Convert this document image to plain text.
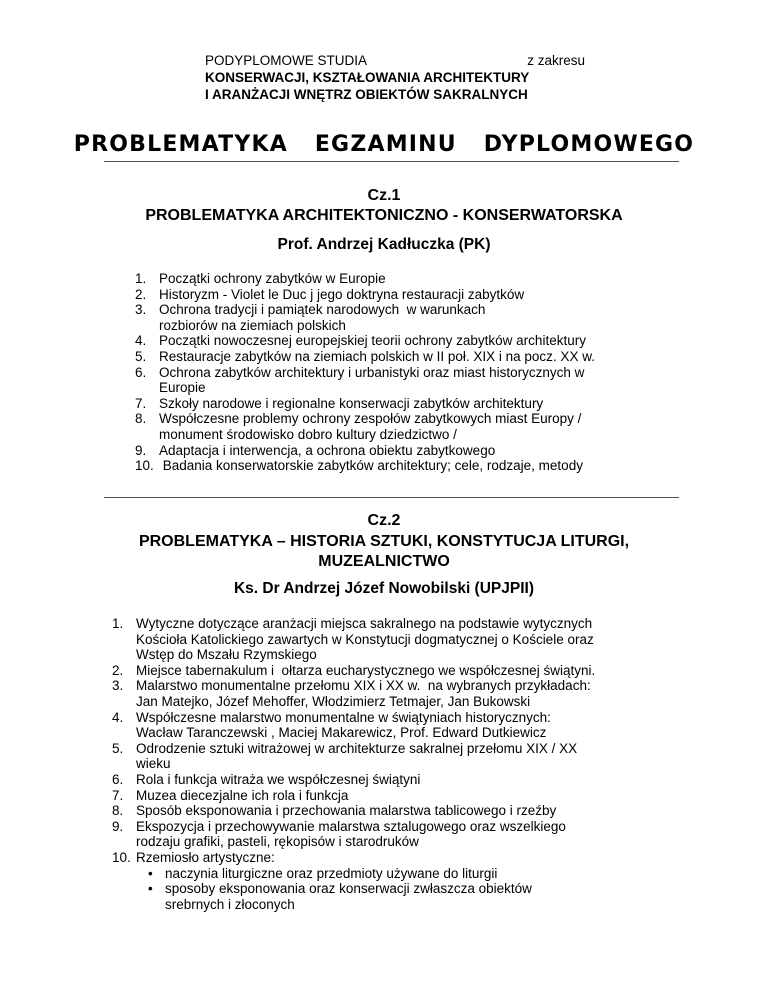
PODYPLOMOWE STUDIA	z zakresu
KONSERWACJI, KSZTAŁOWANIA ARCHITEKTURY
I ARANŻACJI WNĘTRZ OBIEKTÓW SAKRALNYCH
PROBLEMATYKA EGZAMINU DYPLOMOWEGO
Cz.1
PROBLEMATYKA ARCHITEKTONICZNO - KONSERWATORSKA
Prof. Andrzej Kadłuczka (PK)
1. Początki ochrony zabytków w Europie
2. Historyzm - Violet le Duc j jego doktryna restauracji zabytków
3. Ochrona tradycji i pamiątek narodowych  w warunkach
rozbiorów na ziemiach polskich
4. Początki nowoczesnej europejskiej teorii ochrony zabytków architektury
5. Restauracje zabytków na ziemiach polskich w II poł. XIX i na pocz. XX w.
6. Ochrona zabytków architektury i urbanistyki oraz miast historycznych w
Europie
7. Szkoły narodowe i regionalne konserwacji zabytków architektury
8. Współczesne problemy ochrony zespołów zabytkowych miast Europy /
monument środowisko dobro kultury dziedzictwo /
9. Adaptacja i interwencja, a ochrona obiektu zabytkowego
10. Badania konserwatorskie zabytków architektury; cele, rodzaje, metody
Cz.2
PROBLEMATYKA – HISTORIA SZTUKI, KONSTYTUCJA LITURGI,
MUZEALNICTWO
Ks. Dr Andrzej Józef Nowobilski (UPJPII)
1. Wytyczne dotyczące aranżacji miejsca sakralnego na podstawie wytycznych
Kościoła Katolickiego zawartych w Konstytucji dogmatycznej o Kościele oraz
Wstęp do Mszału Rzymskiego
2. Miejsce tabernakulum i  ołtarza eucharystycznego we współczesnej świątyni.
3. Malarstwo monumentalne przełomu XIX i XX w.  na wybranych przykładach:
Jan Matejko, Józef Mehoffer, Włodzimierz Tetmajer, Jan Bukowski
4. Współczesne malarstwo monumentalne w świątyniach historycznych:
Wacław Taranczewski , Maciej Makarewicz, Prof. Edward Dutkiewicz
5. Odrodzenie sztuki witrażowej w architekturze sakralnej przełomu XIX / XX
wieku
6. Rola i funkcja witraża we współczesnej świątyni
7. Muzea diecezjalne ich rola i funkcja
8. Sposób eksponowania i przechowania malarstwa tablicowego i rzeźby
9. Ekspozycja i przechowywanie malarstwa sztalugowego oraz wszelkiego
rodzaju grafiki, pasteli, rękopisów i starodruków
10. Rzemiosło artystyczne:
• naczynia liturgiczne oraz przedmioty używane do liturgii
• sposoby eksponowania oraz konserwacji zwłaszcza obiektów
srebrnych i złoconych
